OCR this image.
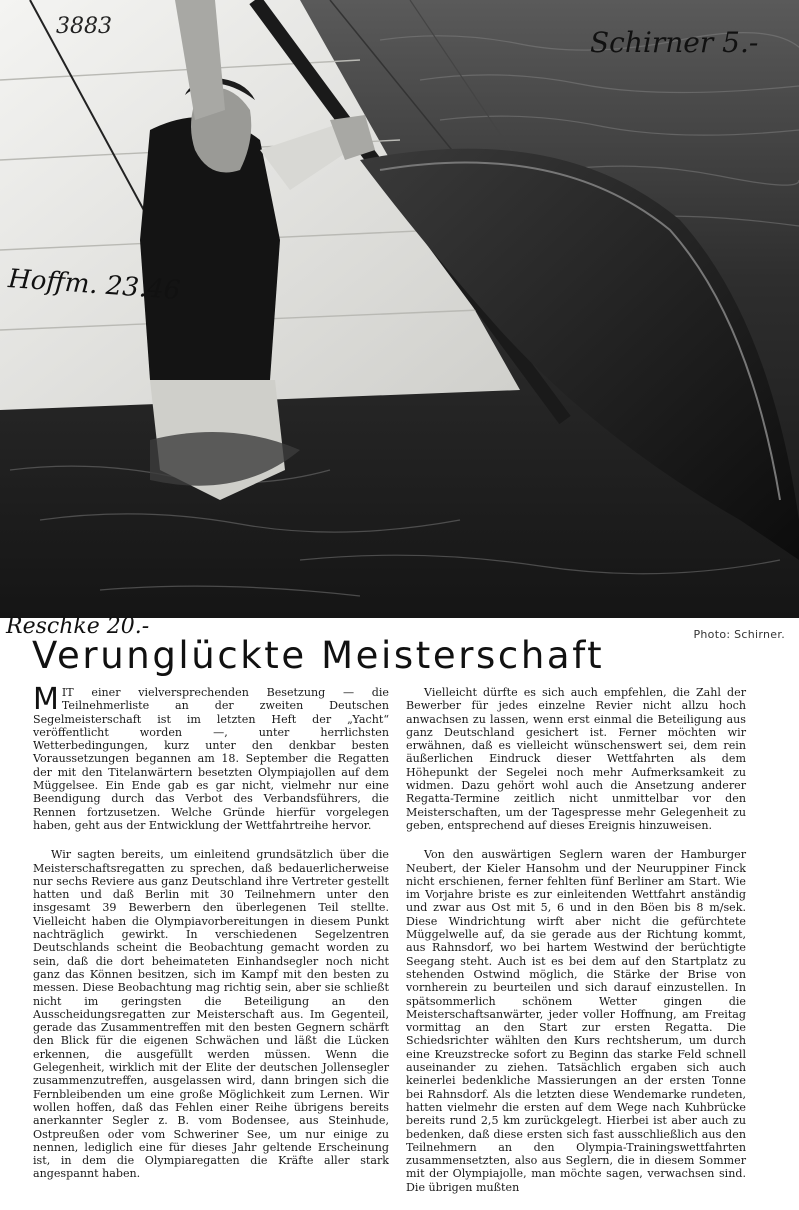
3883	Schirner 5.-
Hoffm. 23.46
Reschke 20.-	Photo: Schirner.
Verunglückte Meisterschaft

MIT einer vielversprechenden Besetzung — die Teilnehmerliste an der zweiten Deutschen Segelmeisterschaft ist im letzten Heft der „Yacht“ veröffentlicht worden —, unter herrlichsten Wetterbedingungen, kurz unter den denkbar besten Voraussetzungen begannen am 18. September die Regatten der mit den Titelanwärtern besetzten Olympiajollen auf dem Müggelsee. Ein Ende gab es gar nicht, vielmehr nur eine Beendigung durch das Verbot des Verbandsführers, die Rennen fortzusetzen. Welche Gründe hierfür vorgelegen haben, geht aus der Entwicklung der Wettfahrtreihe hervor.

Wir sagten bereits, um einleitend grundsätzlich über die Meisterschaftsregatten zu sprechen, daß bedauerlicherweise nur sechs Reviere aus ganz Deutschland ihre Vertreter gestellt hatten und daß Berlin mit 30 Teilnehmern unter den insgesamt 39 Bewerbern den überlegenen Teil stellte. Vielleicht haben die Olympiavorbereitungen in diesem Punkt nachträglich gewirkt. In verschiedenen Segelzentren Deutschlands scheint die Beobachtung gemacht worden zu sein, daß die dort beheimateten Einhandsegler noch nicht ganz das Können besitzen, sich im Kampf mit den besten zu messen. Diese Beobachtung mag richtig sein, aber sie schließt nicht im geringsten die Beteiligung an den Ausscheidungsregatten zur Meisterschaft aus. Im Gegenteil, gerade das Zusammentreffen mit den besten Gegnern schärft den Blick für die eigenen Schwächen und läßt die Lücken erkennen, die ausgefüllt werden müssen. Wenn die Gelegenheit, wirklich mit der Elite der deutschen Jollensegler zusammenzutreffen, ausgelassen wird, dann bringen sich die Fernbleibenden um eine große Möglichkeit zum Lernen. Wir wollen hoffen, daß das Fehlen einer Reihe übrigens bereits anerkannter Segler z. B. vom Bodensee, aus Steinhude, Ostpreußen oder vom Schweriner See, um nur einige zu nennen, lediglich eine für dieses Jahr geltende Erscheinung ist, in dem die Olympiaregatten die Kräfte aller stark angespannt haben.

Vielleicht dürfte es sich auch empfehlen, die Zahl der Bewerber für jedes einzelne Revier nicht allzu hoch anwachsen zu lassen, wenn erst einmal die Beteiligung aus ganz Deutschland gesichert ist. Ferner möchten wir erwähnen, daß es vielleicht wünschenswert sei, dem rein äußerlichen Eindruck dieser Wettfahrten als dem Höhepunkt der Segelei noch mehr Aufmerksamkeit zu widmen. Dazu gehört wohl auch die Ansetzung anderer Regatta-Termine zeitlich nicht unmittelbar vor den Meisterschaften, um der Tagespresse mehr Gelegenheit zu geben, entsprechend auf dieses Ereignis hinzuweisen.

Von den auswärtigen Seglern waren der Hamburger Neubert, der Kieler Hansohm und der Neuruppiner Finck nicht erschienen, ferner fehlten fünf Berliner am Start. Wie im Vorjahre briste es zur einleitenden Wettfahrt anständig und zwar aus Ost mit 5, 6 und in den Böen bis 8 m/sek. Diese Windrichtung wirft aber nicht die gefürchtete Müggelwelle auf, da sie gerade aus der Richtung kommt, aus Rahnsdorf, wo bei hartem Westwind der berüchtigte Seegang steht. Auch ist es bei dem auf den Startplatz zu stehenden Ostwind möglich, die Stärke der Brise von vornherein zu beurteilen und sich darauf einzustellen. In spätsommerlich schönem Wetter gingen die Meisterschaftsanwärter, jeder voller Hoffnung, am Freitag vormittag an den Start zur ersten Regatta. Die Schiedsrichter wählten den Kurs rechtsherum, um durch eine Kreuzstrecke sofort zu Beginn das starke Feld schnell auseinander zu ziehen. Tatsächlich ergaben sich auch keinerlei bedenkliche Massierungen an der ersten Tonne bei Rahnsdorf. Als die letzten diese Wendemarke rundeten, hatten vielmehr die ersten auf dem Wege nach Kuhbrücke bereits rund 2,5 km zurückgelegt. Hierbei ist aber auch zu bedenken, daß diese ersten sich fast ausschließlich aus den Teilnehmern an den Olympia-Trainingswettfahrten zusammensetzten, also aus Seglern, die in diesem Sommer mit der Olympiajolle, man möchte sagen, verwachsen sind. Die übrigen mußten
